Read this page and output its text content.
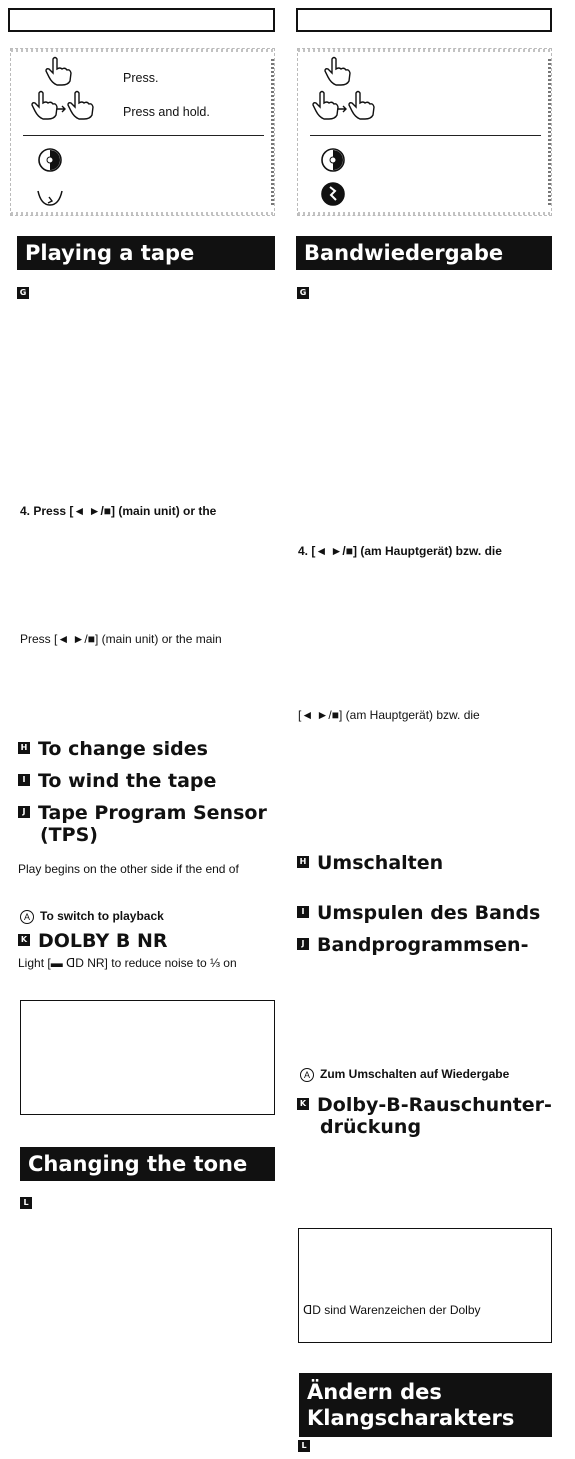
Press.
Press and hold.
Playing a tape
G
4. Press [◄ ►/■] (main unit) or the
Press [◄ ►/■] (main unit) or the main
H To change sides
I To wind the tape
J Tape Program Sensor
(TPS)
Play begins on the other side if the end of
A To switch to playback
K DOLBY B NR
Light [▬ ᗡD NR] to reduce noise to ⅓ on
Changing the tone
L
Bandwiedergabe
G
4. [◄ ►/■] (am Hauptgerät) bzw. die
[◄ ►/■] (am Hauptgerät) bzw. die
H Umschalten
I Umspulen des Bands
J Bandprogrammsen-
A Zum Umschalten auf Wiedergabe
K Dolby-B-Rauschunter-
drückung
ᗡD sind Warenzeichen der Dolby
Ändern des
Klangscharakters
L
